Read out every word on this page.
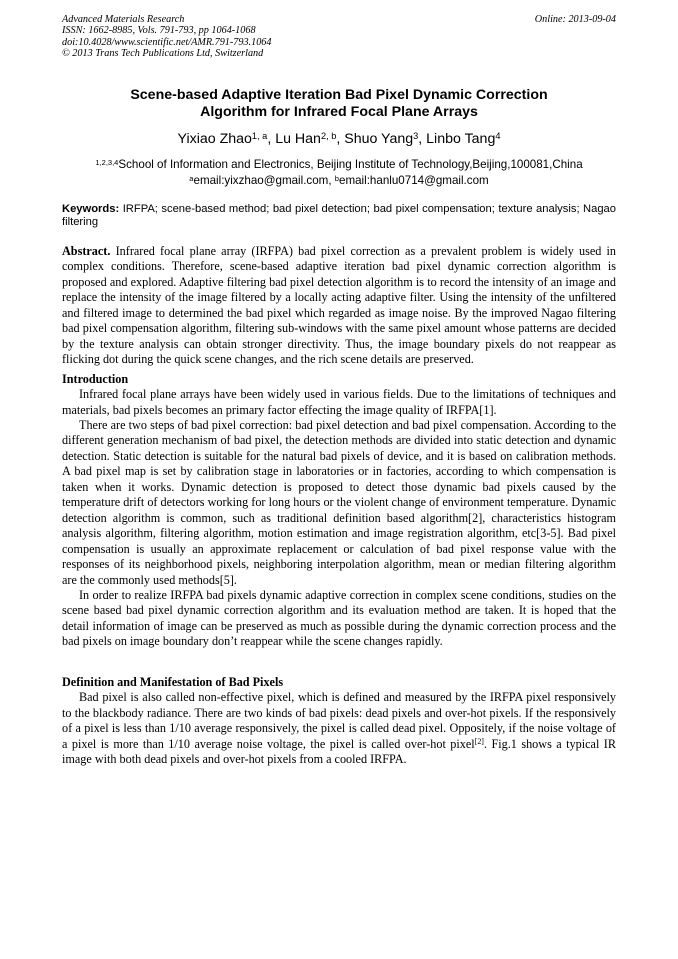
Advanced Materials Research
ISSN: 1662-8985, Vols. 791-793, pp 1064-1068
doi:10.4028/www.scientific.net/AMR.791-793.1064
© 2013 Trans Tech Publications Ltd, Switzerland
Online: 2013-09-04
Scene-based Adaptive Iteration Bad Pixel Dynamic Correction
Algorithm for Infrared Focal Plane Arrays
Yixiao Zhao$^{1, a}$, Lu Han$^{2, b}$, Shuo Yang$^3$, Linbo Tang$^4$
$^{1,2,3,4}$School of Information and Electronics, Beijing Institute of Technology,Beijing,100081,China
$^a$email:yixzhao@gmail.com, $^b$email:hanlu0714@gmail.com
Keywords: IRFPA; scene-based method; bad pixel detection; bad pixel compensation; texture analysis; Nagao filtering

Abstract. Infrared focal plane array (IRFPA) bad pixel correction as a prevalent problem is widely used in complex conditions. Therefore, scene-based adaptive iteration bad pixel dynamic correction algorithm is proposed and explored. Adaptive filtering bad pixel detection algorithm is to record the intensity of an image and replace the intensity of the image filtered by a locally acting adaptive filter. Using the intensity of the unfiltered and filtered image to determined the bad pixel which regarded as image noise. By the improved Nagao filtering bad pixel compensation algorithm, filtering sub-windows with the same pixel amount whose patterns are decided by the texture analysis can obtain stronger directivity. Thus, the image boundary pixels do not reappear as flicking dot during the quick scene changes, and the rich scene details are preserved.

Introduction

Infrared focal plane arrays have been widely used in various fields. Due to the limitations of techniques and materials, bad pixels becomes an primary factor effecting the image quality of IRFPA[1].

There are two steps of bad pixel correction: bad pixel detection and bad pixel compensation. According to the different generation mechanism of bad pixel, the detection methods are divided into static detection and dynamic detection. Static detection is suitable for the natural bad pixels of device, and it is based on calibration methods. A bad pixel map is set by calibration stage in laboratories or in factories, according to which compensation is taken when it works. Dynamic detection is proposed to detect those dynamic bad pixels caused by the temperature drift of detectors working for long hours or the violent change of environment temperature. Dynamic detection algorithm is common, such as traditional definition based algorithm[2], characteristics histogram analysis algorithm, filtering algorithm, motion estimation and image registration algorithm, etc[3-5]. Bad pixel compensation is usually an approximate replacement or calculation of bad pixel response value with the responses of its neighborhood pixels, neighboring interpolation algorithm, mean or median filtering algorithm are the commonly used methods[5].

In order to realize IRFPA bad pixels dynamic adaptive correction in complex scene conditions, studies on the scene based bad pixel dynamic correction algorithm and its evaluation method are taken. It is hoped that the detail information of image can be preserved as much as possible during the dynamic correction process and the bad pixels on image boundary don’t reappear while the scene changes rapidly.

Definition and Manifestation of Bad Pixels

Bad pixel is also called non-effective pixel, which is defined and measured by the IRFPA pixel responsively to the blackbody radiance. There are two kinds of bad pixels: dead pixels and over-hot pixels. If the responsively of a pixel is less than 1/10 average responsively, the pixel is called dead pixel. Oppositely, if the noise voltage of a pixel is more than 1/10 average noise voltage, the pixel is called over-hot pixel[2]. Fig.1 shows a typical IR image with both dead pixels and over-hot pixels from a cooled IRFPA.
